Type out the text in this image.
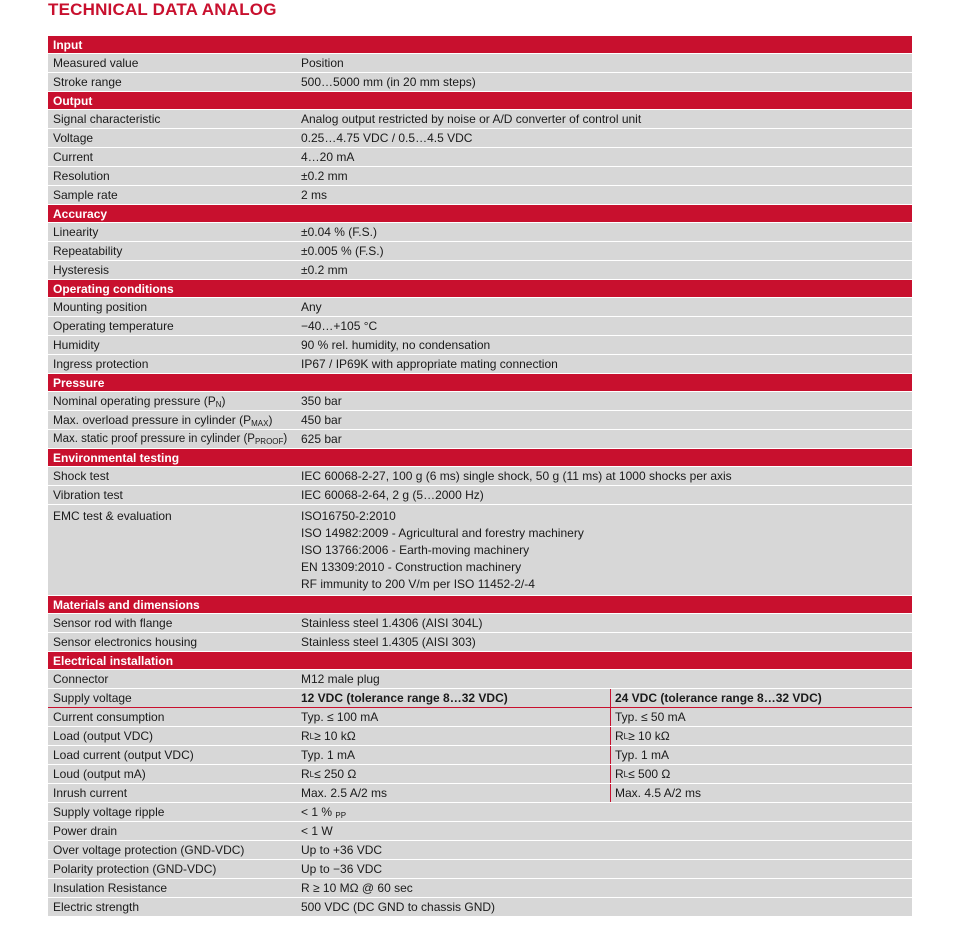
TECHNICAL DATA ANALOG
Input
Measured value	Position
Stroke range	500…5000 mm (in 20 mm steps)
Output
Signal characteristic	Analog output restricted by noise or A/D converter of control unit
Voltage	0.25…4.75 VDC / 0.5…4.5 VDC
Current	4…20 mA
Resolution	±0.2 mm
Sample rate	2 ms
Accuracy
Linearity	±0.04 % (F.S.)
Repeatability	±0.005 % (F.S.)
Hysteresis	±0.2 mm
Operating conditions
Mounting position	Any
Operating temperature	−40…+105 °C
Humidity	90 % rel. humidity, no condensation
Ingress protection	IP67 / IP69K with appropriate mating connection
Pressure
Nominal operating pressure $(P_N)$	350 bar
Max. overload pressure in cylinder $(P_{MAX})$	450 bar
Max. static proof pressure in cylinder $(P_{PROOF})$	625 bar
Environmental testing
Shock test	IEC 60068-2-27, 100 g (6 ms) single shock, 50 g (11 ms) at 1000 shocks per axis
Vibration test	IEC 60068-2-64, 2 g (5…2000 Hz)
EMC test & evaluation	ISO16750-2:2010
ISO 14982:2009 - Agricultural and forestry machinery
ISO 13766:2006 - Earth-moving machinery
EN 13309:2010 - Construction machinery
RF immunity to 200 V/m per ISO 11452-2/-4
Materials and dimensions
Sensor rod with flange	Stainless steel 1.4306 (AISI 304L)
Sensor electronics housing	Stainless steel 1.4305 (AISI 303)
Electrical installation
Connector	M12 male plug
Supply voltage	12 VDC (tolerance range 8…32 VDC)	24 VDC (tolerance range 8…32 VDC)
Current consumption	Typ. ≤ 100 mA	Typ. ≤ 50 mA
Load (output VDC)	R L ≥ 10 kΩ	R L ≥ 10 kΩ
Load current (output VDC)	Typ. 1 mA	Typ. 1 mA
Loud (output mA)	R L ≤ 250 Ω	R L ≤ 500 Ω
Inrush current	Max. 2.5 A/2 ms	Max. 4.5 A/2 ms
Supply voltage ripple	< 1 % $_{PP}$
Power drain	< 1 W
Over voltage protection (GND-VDC)	Up to +36 VDC
Polarity protection (GND-VDC)	Up to −36 VDC
Insulation Resistance	R ≥ 10 MΩ @ 60 sec
Electric strength	500 VDC (DC GND to chassis GND)
